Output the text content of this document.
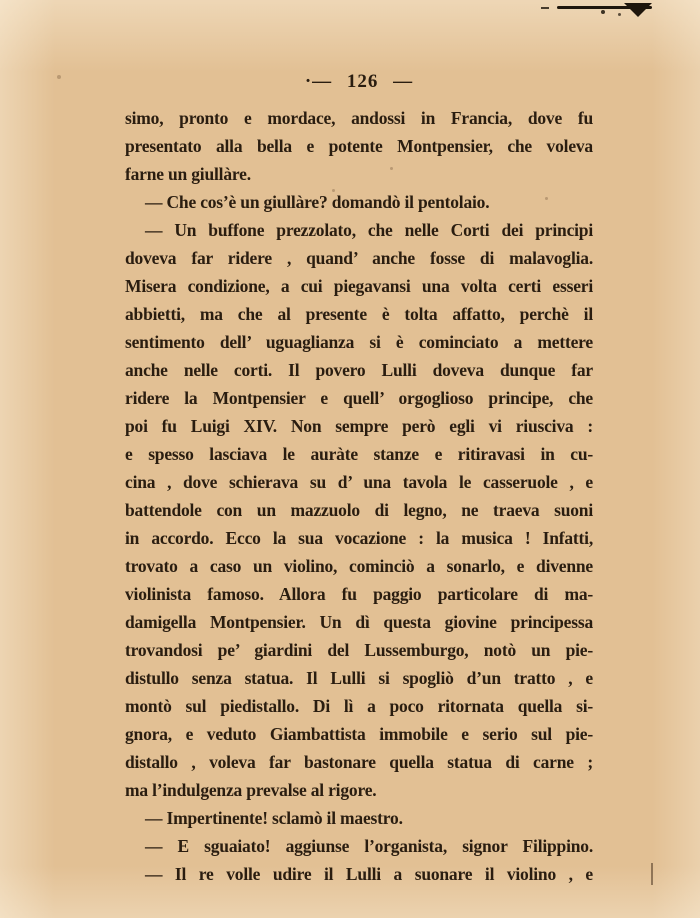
·— 126 —
simo, pronto e mordace, andossi in Francia, dove fu
presentato alla bella e potente Montpensier, che voleva
farne un giullàre.
— Che cos’è un giullàre? domandò il pentolaio.
— Un buffone prezzolato, che nelle Corti dei principi
doveva far ridere , quand’ anche fosse di malavoglia.
Misera condizione, a cui piegavansi una volta certi esseri
abbietti, ma che al presente è tolta affatto, perchè il
sentimento dell’ uguaglianza si è cominciato a mettere
anche nelle corti. Il povero Lulli doveva dunque far
ridere la Montpensier e quell’ orgoglioso principe, che
poi fu Luigi XIV. Non sempre però egli vi riusciva :
e spesso lasciava le auràte stanze e ritiravasi in cu-
cina , dove schierava su d’ una tavola le casseruole , e
battendole con un mazzuolo di legno, ne traeva suoni
in accordo. Ecco la sua vocazione : la musica ! Infatti,
trovato a caso un violino, cominciò a sonarlo, e divenne
violinista famoso. Allora fu paggio particolare di ma-
damigella Montpensier. Un dì questa giovine principessa
trovandosi pe’ giardini del Lussemburgo, notò un pie-
distullo senza statua. Il Lulli si spogliò d’un tratto , e
montò sul piedistallo. Di lì a poco ritornata quella si-
gnora, e veduto Giambattista immobile e serio sul pie-
distallo , voleva far bastonare quella statua di carne ;
ma l’indulgenza prevalse al rigore.
— Impertinente! sclamò il maestro.
— E sguaiato! aggiunse l’organista, signor Filippino.
— Il re volle udire il Lulli a suonare il violino , e
